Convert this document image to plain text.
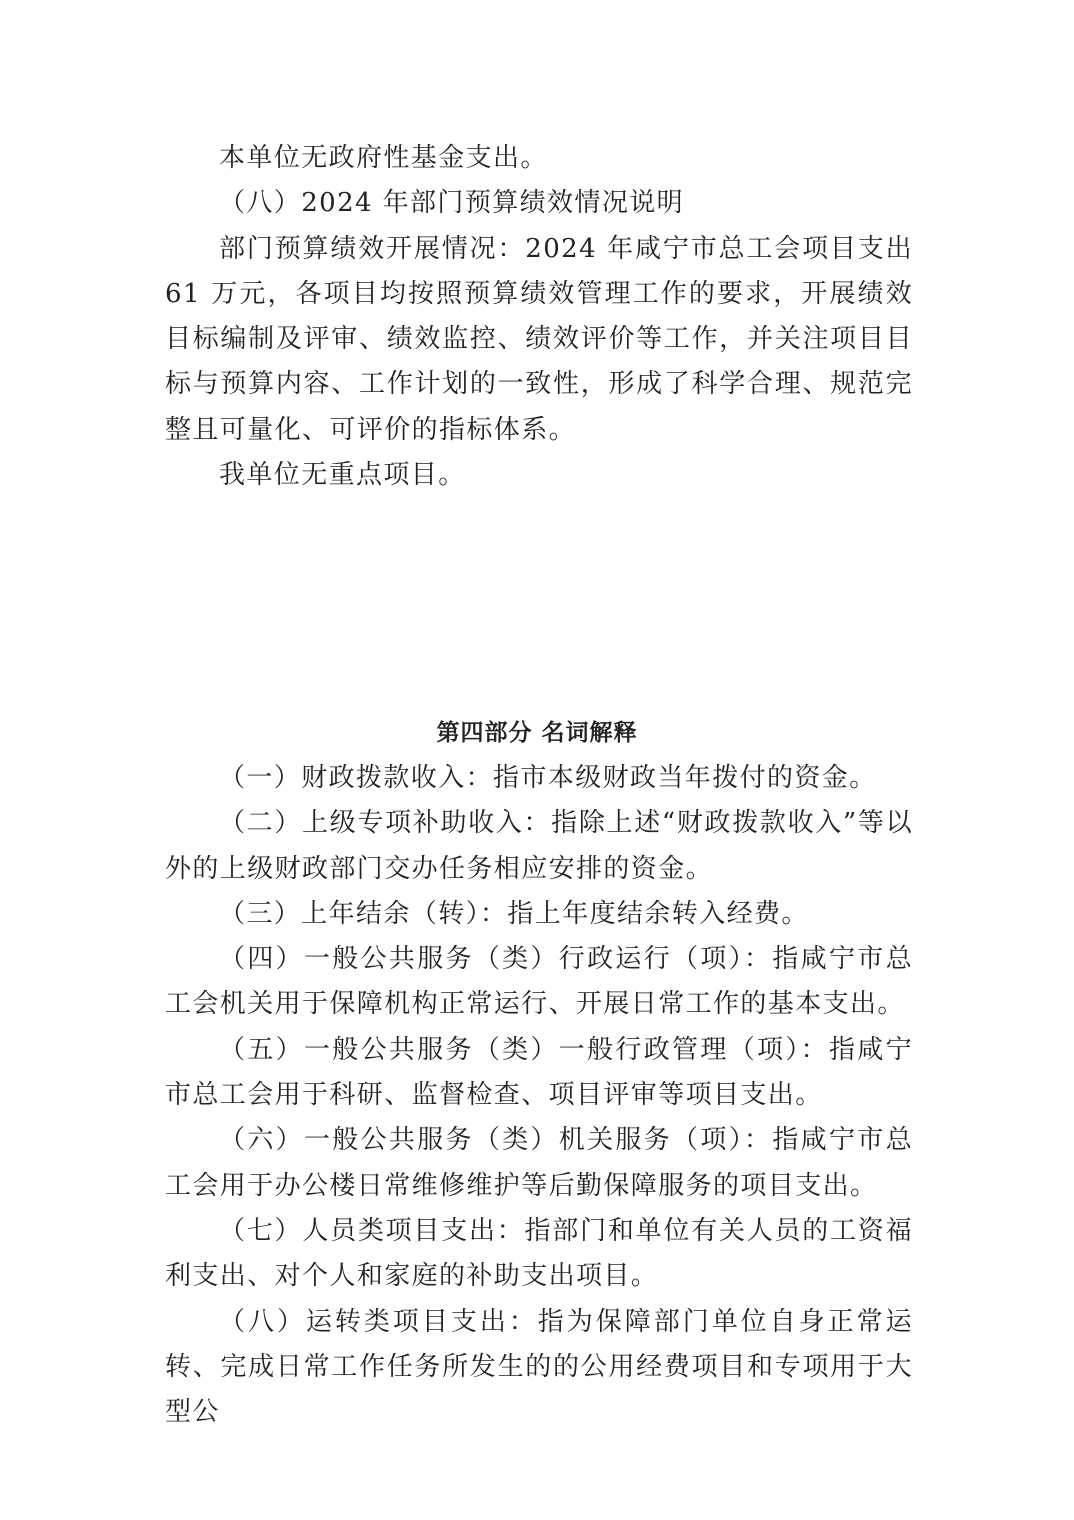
本单位无政府性基金支出。

（八）2024 年部门预算绩效情况说明

部门预算绩效开展情况：2024 年咸宁市总工会项目支出 61 万元，各项目均按照预算绩效管理工作的要求，开展绩效目标编制及评审、绩效监控、绩效评价等工作，并关注项目目标与预算内容、工作计划的一致性，形成了科学合理、规范完整且可量化、可评价的指标体系。

我单位无重点项目。

第四部分 名词解释

（一）财政拨款收入：指市本级财政当年拨付的资金。

（二）上级专项补助收入：指除上述“财政拨款收入”等以外的上级财政部门交办任务相应安排的资金。

（三）上年结余（转）：指上年度结余转入经费。

（四）一般公共服务（类）行政运行（项）：指咸宁市总工会机关用于保障机构正常运行、开展日常工作的基本支出。

（五）一般公共服务（类）一般行政管理（项）：指咸宁市总工会用于科研、监督检查、项目评审等项目支出。

（六）一般公共服务（类）机关服务（项）：指咸宁市总工会用于办公楼日常维修维护等后勤保障服务的项目支出。

（七）人员类项目支出：指部门和单位有关人员的工资福利支出、对个人和家庭的补助支出项目。

（八）运转类项目支出：指为保障部门单位自身正常运转、完成日常工作任务所发生的的公用经费项目和专项用于大型公
